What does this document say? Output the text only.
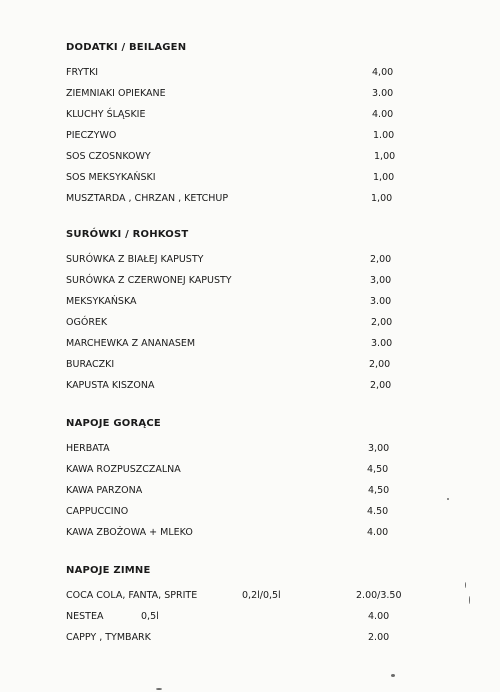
DODATKI / BEILAGEN
FRYTKI	4,00
ZIEMNIAKI OPIEKANE	3.00
KLUCHY ŚLĄSKIE	4.00
PIECZYWO	1.00
SOS CZOSNKOWY	1,00
SOS MEKSYKAŃSKI	1,00
MUSZTARDA , CHRZAN , KETCHUP	1,00
SURÓWKI / ROHKOST
SURÓWKA Z BIAŁEJ KAPUSTY	2,00
SURÓWKA Z CZERWONEJ KAPUSTY	3,00
MEKSYKAŃSKA	3.00
OGÓREK	2,00
MARCHEWKA Z ANANASEM	3.00
BURACZKI	2,00
KAPUSTA KISZONA	2,00
NAPOJE GORĄCE
HERBATA	3,00
KAWA ROZPUSZCZALNA	4,50
KAWA PARZONA	4,50
CAPPUCCINO	4.50
KAWA ZBOŻOWA + MLEKO	4.00
NAPOJE ZIMNE
COCA COLA, FANTA, SPRITE	0,2l/0,5l	2.00/3.50
NESTEA	0,5l	4.00
CAPPY , TYMBARK	2.00
